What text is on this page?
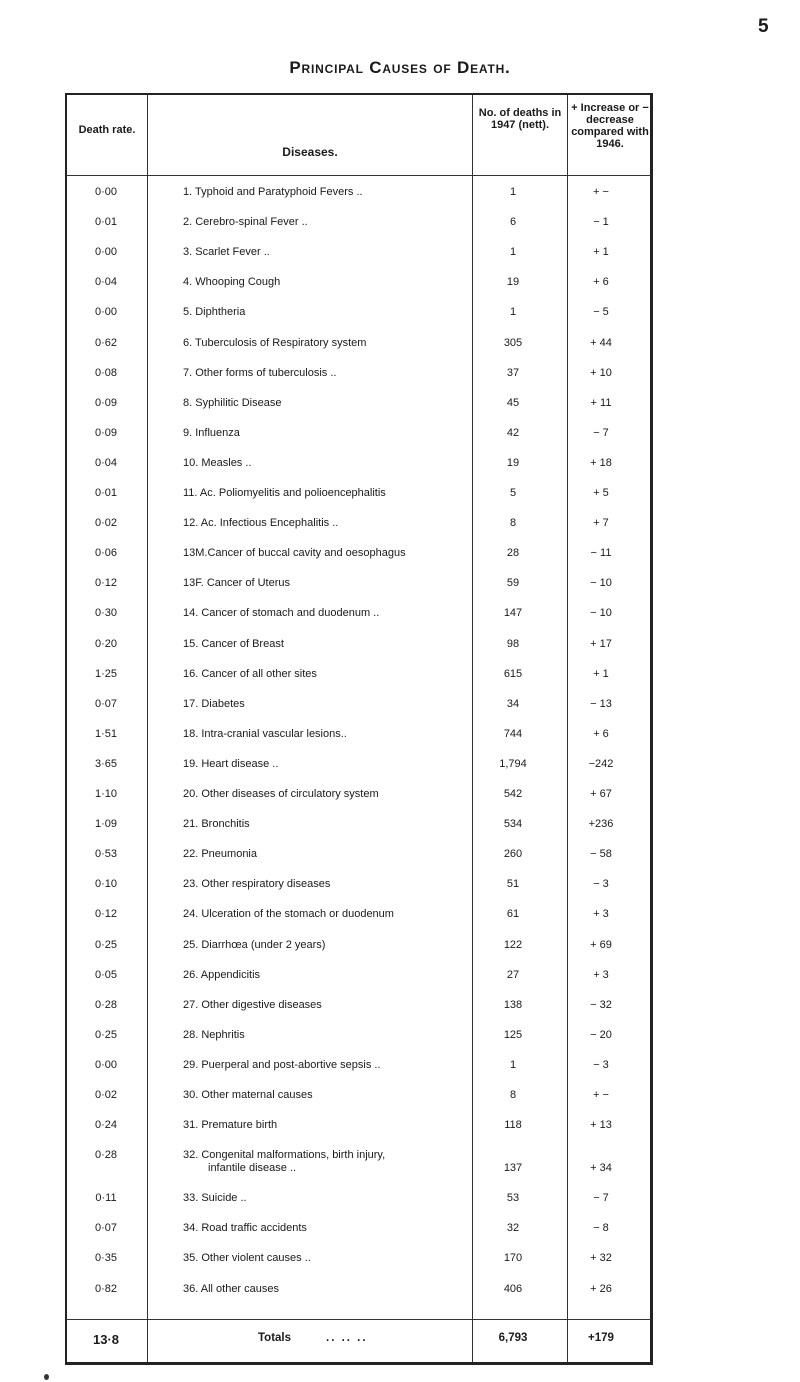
5
Principal Causes of Death.
Death rate.
Diseases.
No. of deaths in 1947 (nett).
+ Increase or − decrease compared with 1946.
0·00	1. Typhoid and Paratyphoid Fevers ..	1	+ −
0·01	2. Cerebro-spinal Fever ..	6	− 1
0·00	3. Scarlet Fever ..	1	+ 1
0·04	4. Whooping Cough	19	+ 6
0·00	5. Diphtheria	1	− 5
0·62	6. Tuberculosis of Respiratory system	305	+ 44
0·08	7. Other forms of tuberculosis ..	37	+ 10
0·09	8. Syphilitic Disease	45	+ 11
0·09	9. Influenza	42	− 7
0·04	10. Measles ..	19	+ 18
0·01	11. Ac. Poliomyelitis and polioencephalitis	5	+ 5
0·02	12. Ac. Infectious Encephalitis ..	8	+ 7
0·06	13M.Cancer of buccal cavity and oesophagus	28	− 11
0·12	13F. Cancer of Uterus	59	− 10
0·30	14. Cancer of stomach and duodenum ..	147	− 10
0·20	15. Cancer of Breast	98	+ 17
1·25	16. Cancer of all other sites	615	+ 1
0·07	17. Diabetes	34	− 13
1·51	18. Intra-cranial vascular lesions..	744	+ 6
3·65	19. Heart disease ..	1,794	−242
1·10	20. Other diseases of circulatory system	542	+ 67
1·09	21. Bronchitis	534	+236
0·53	22. Pneumonia	260	− 58
0·10	23. Other respiratory diseases	51	− 3
0·12	24. Ulceration of the stomach or duodenum	61	+ 3
0·25	25. Diarrhœa (under 2 years)	122	+ 69
0·05	26. Appendicitis	27	+ 3
0·28	27. Other digestive diseases	138	− 32
0·25	28. Nephritis	125	− 20
0·00	29. Puerperal and post-abortive sepsis ..	1	− 3
0·02	30. Other maternal causes	8	+ −
0·24	31. Premature birth	118	+ 13
0·28	32. Congenital malformations, birth injury,
infantile disease ..	137	+ 34
0·11	33. Suicide ..	53	− 7
0·07	34. Road traffic accidents	32	− 8
0·35	35. Other violent causes ..	170	+ 32
0·82	36. All other causes	406	+ 26
13·8	Totals	.. .. ..	6,793	+179
